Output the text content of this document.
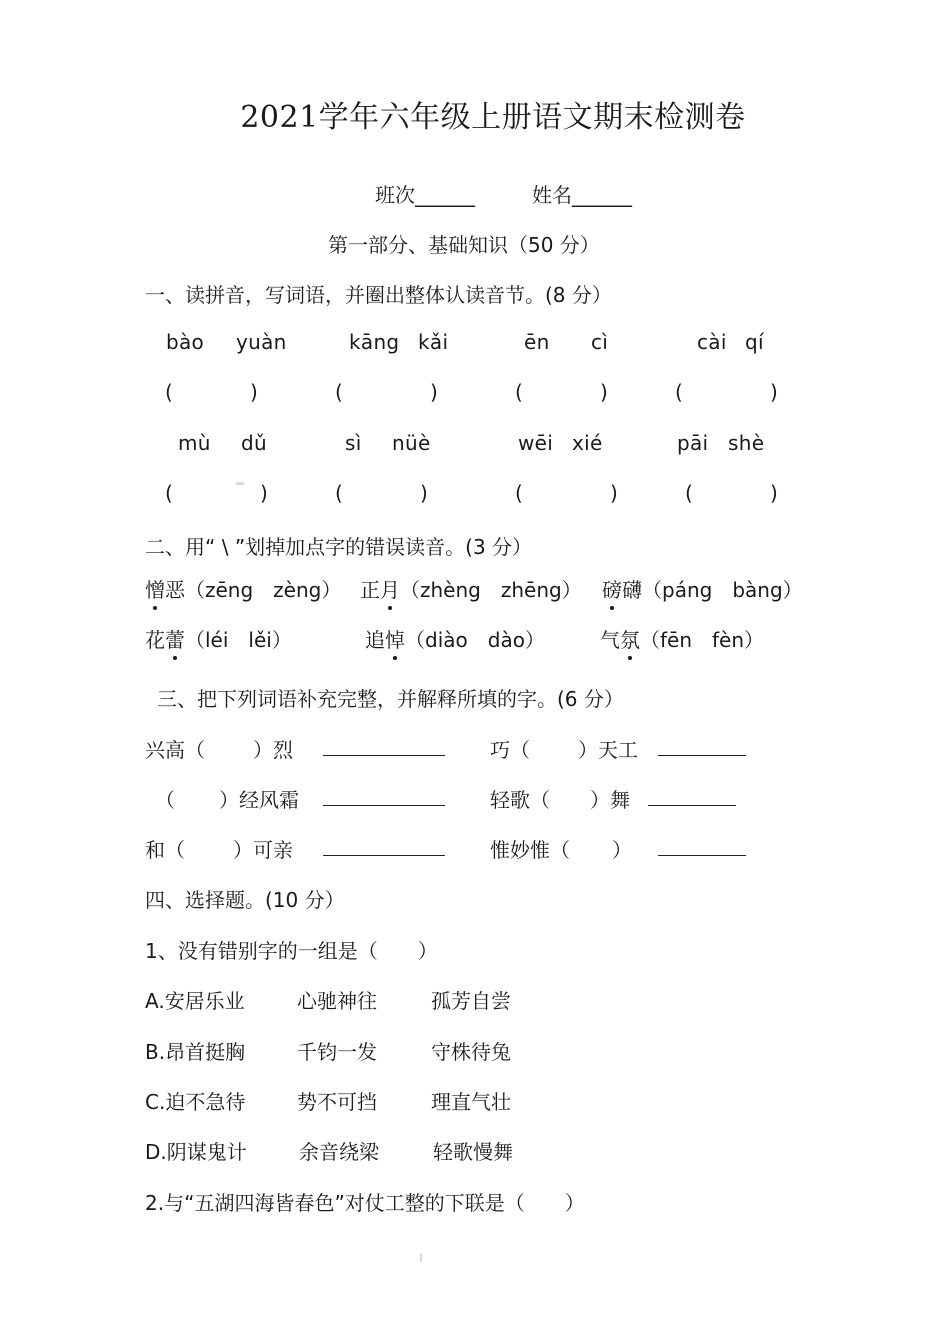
2021学年六年级上册语文期末检测卷
班次______	姓名______
第一部分、基础知识（50 分）
一、读拼音，写词语，并圈出整体认读音节。(8 分）
bào yuàn	kāng kǎi	ēn cì	cài qí
(	)	(	)	(	)	(	)
mù dǔ	sì nüè	wēi xié	pāi shè
(	)	(	)	(	)	(	)
二、用“ \ ”划掉加点字的错误读音。(3 分）
憎恶（zēng　zèng） 正月（zhèng　zhēng） 磅礴（páng　bàng）
花蕾（léi　lěi）	追悼（diào　dào）	气氛（fēn　fèn）
三、把下列词语补充完整，并解释所填的字。(6 分）
兴高（ ）烈	巧（ ）天工
（ ）经风霜	轻歌（ ）舞
和（ ）可亲	惟妙惟（ ）
四、选择题。(10 分）
1、没有错别字的一组是（　　）
A.安居乐业	心驰神往	孤芳自尝
B.昂首挺胸	千钧一发	守株待兔
C.迫不急待	势不可挡	理直气壮
D.阴谋鬼计	余音绕梁	轻歌慢舞
2.与“五湖四海皆春色”对仗工整的下联是（　　）
